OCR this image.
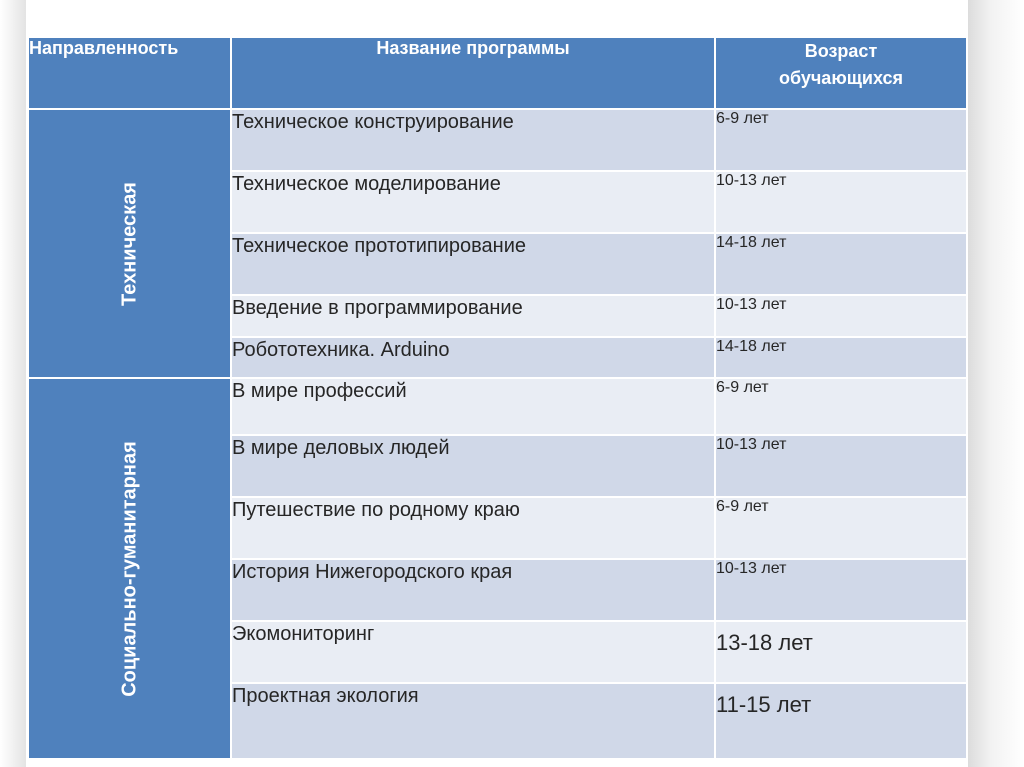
Направленность	Название программы	Возраст
обучающихся

Техническая	Техническое конструирование	6-9 лет
	Техническое моделирование	10-13 лет
	Техническое прототипирование	14-18 лет
	Введение в программирование	10-13 лет
	Робототехника. Arduino	14-18 лет

Социально-гуманитарная	В мире профессий	6-9 лет
	В мире деловых людей	10-13 лет
	Путешествие по родному краю	6-9 лет
	История Нижегородского края	10-13 лет
	Экомониторинг	13-18 лет
	Проектная экология	11-15 лет
